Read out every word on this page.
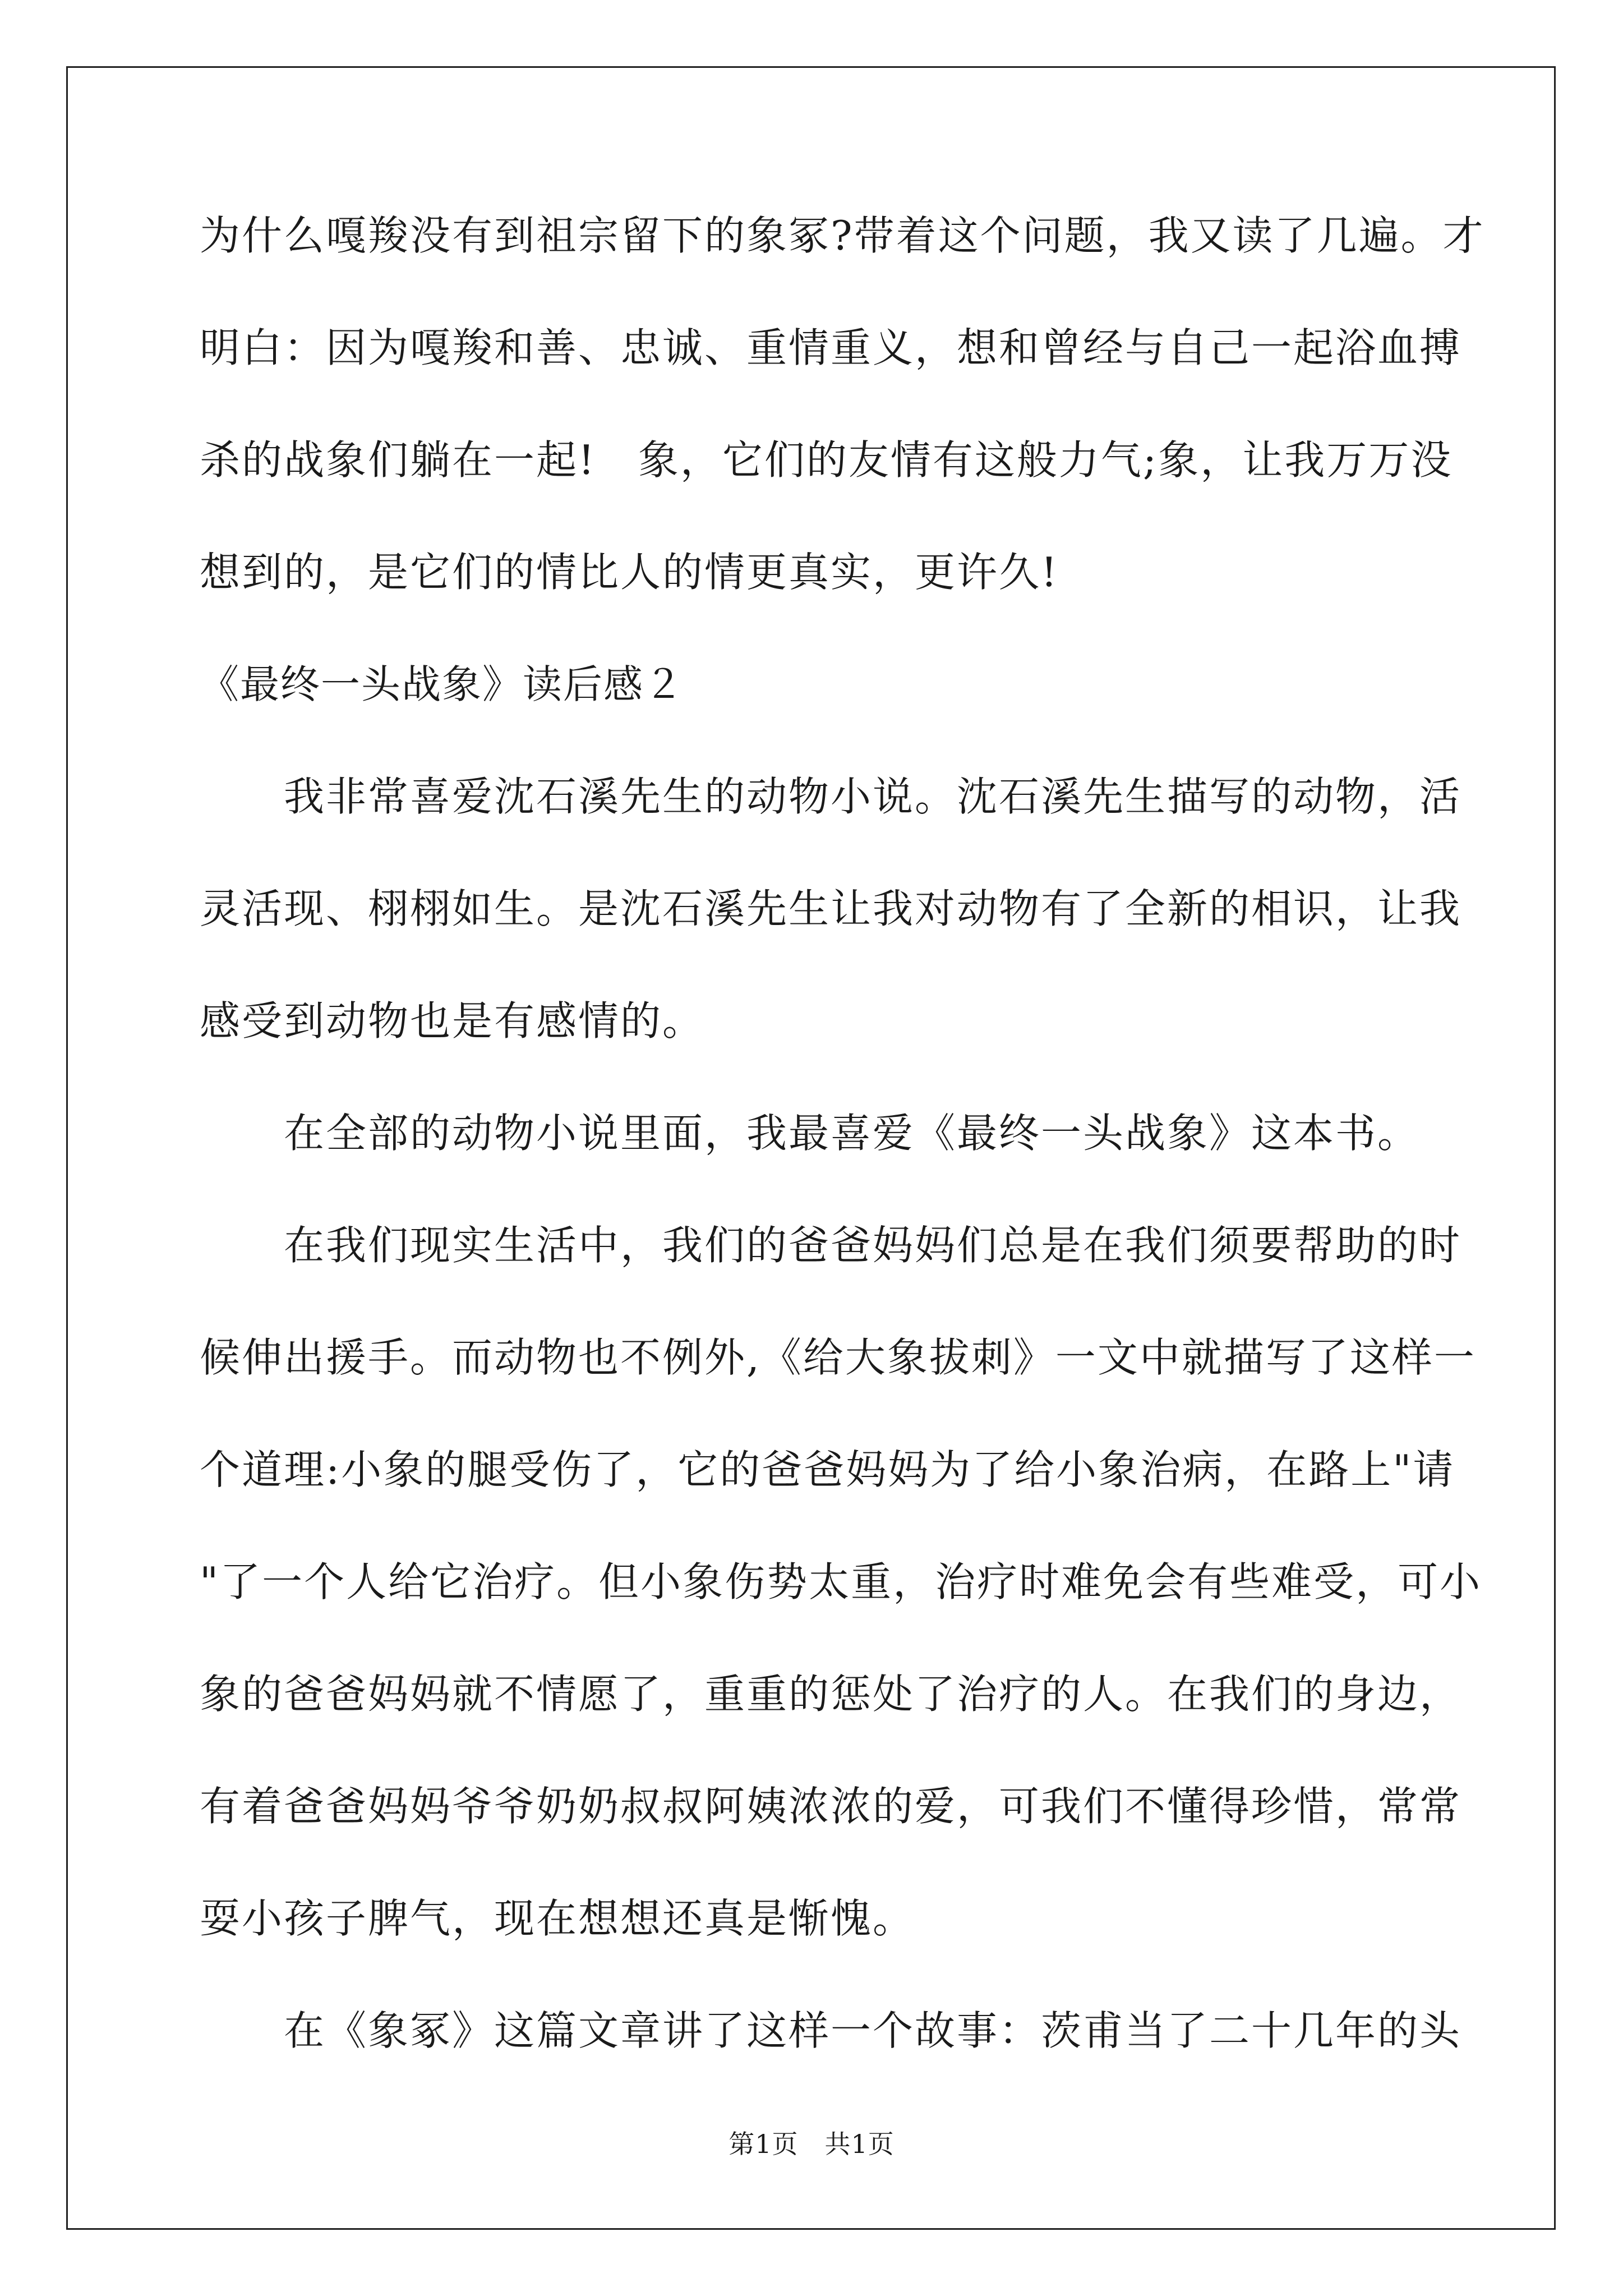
为什么嘎羧没有到祖宗留下的象冢?带着这个问题，我又读了几遍。才
明白：因为嘎羧和善、忠诚、重情重义，想和曾经与自己一起浴血搏
杀的战象们躺在一起!　象，它们的友情有这般力气;象，让我万万没
想到的，是它们的情比人的情更真实，更许久!
《最终一头战象》读后感２
　　我非常喜爱沈石溪先生的动物小说。沈石溪先生描写的动物，活
灵活现、栩栩如生。是沈石溪先生让我对动物有了全新的相识，让我
感受到动物也是有感情的。
　　在全部的动物小说里面，我最喜爱《最终一头战象》这本书。
　　在我们现实生活中，我们的爸爸妈妈们总是在我们须要帮助的时
候伸出援手。而动物也不例外,《给大象拔刺》一文中就描写了这样一
个道理:小象的腿受伤了，它的爸爸妈妈为了给小象治病，在路上"请
"了一个人给它治疗。但小象伤势太重，治疗时难免会有些难受，可小
象的爸爸妈妈就不情愿了，重重的惩处了治疗的人。在我们的身边，
有着爸爸妈妈爷爷奶奶叔叔阿姨浓浓的爱，可我们不懂得珍惜，常常
耍小孩子脾气，现在想想还真是惭愧。
　　在《象冢》这篇文章讲了这样一个故事：茨甫当了二十几年的头
第1页　共1页
